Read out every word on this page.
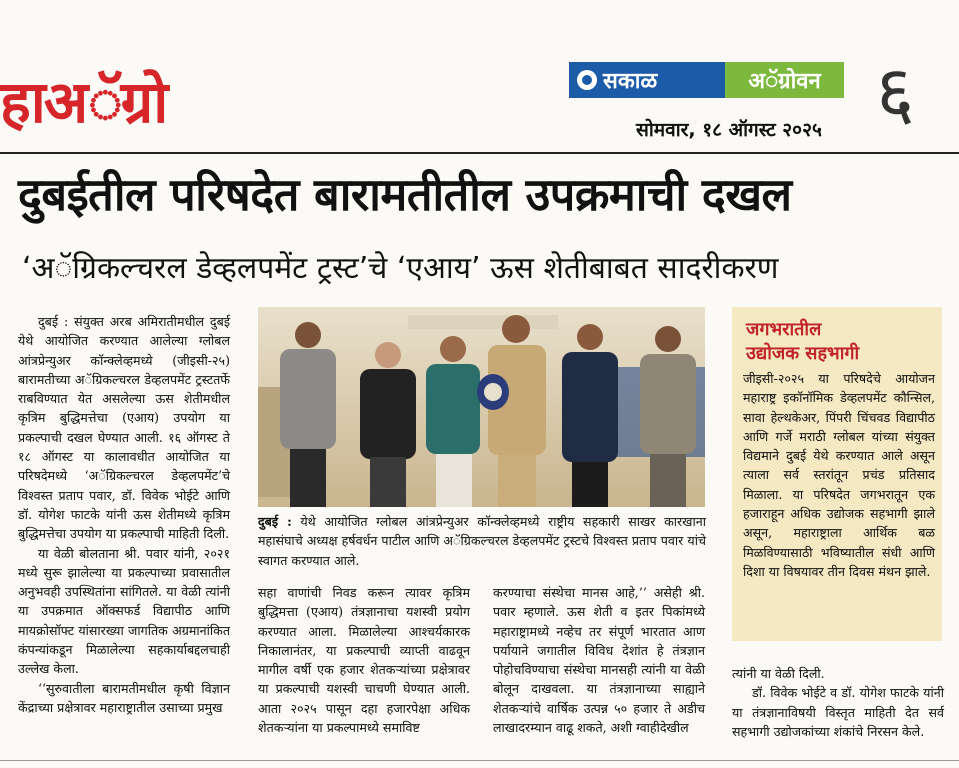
हाअॅग्रो	सकाळ	अॅग्रोवन
सोमवार, १८ ऑगस्ट २०२५ ६
दुबईतील परिषदेत बारामतीतील उपक्रमाची दखल
‘अॅग्रिकल्चरल डेव्हलपमेंट ट्रस्ट’चे ‘एआय’ ऊस शेतीबाबत सादरीकरण

दुबई : संयुक्त अरब अमिरातीमधील दुबई येथे आयोजित करण्यात आलेल्या ग्लोबल आंत्रप्रेन्युअर कॉन्क्लेव्हमध्ये (जीइसी-२५) बारामतीच्या अॅग्रिकल्चरल डेव्हलपमेंट ट्रस्टतर्फे राबविण्यात येत असलेल्या ऊस शेतीमधील कृत्रिम बुद्धिमत्तेचा (एआय) उपयोग या प्रकल्पाची दखल घेण्यात आली. १६ ऑगस्ट ते १८ ऑगस्ट या कालावधीत आयोजित या परिषदेमध्ये ‘अॅग्रिकल्चरल डेव्हलपमेंट’चे विश्‍वस्त प्रताप पवार, डॉ. विवेक भोईटे आणि डॉ. योगेश फाटके यांनी ऊस शेतीमध्ये कृत्रिम बुद्धिमत्तेचा उपयोग या प्रकल्पाची माहिती दिली.

या वेळी बोलताना श्री. पवार यांनी, २०२१ मध्ये सुरू झालेल्या या प्रकल्पाच्या प्रवासातील अनुभवही उपस्थितांना सांगितले. या वेळी त्यांनी या उपक्रमात ऑक्सफर्ड विद्यापीठ आणि मायक्रोसॉफ्ट यांसारख्या जागतिक अग्रमानांकित कंपन्यांकडून मिळालेल्या सहकार्याबद्दलचाही उल्लेख केला.

‘‘सुरुवातीला बारामतीमधील कृषी विज्ञान केंद्राच्या प्रक्षेत्रावर महाराष्ट्रातील उसाच्या प्रमुख

दुबई : येथे आयोजित ग्लोबल आंत्रप्रेन्युअर कॉन्क्लेव्हमध्ये राष्ट्रीय सहकारी साखर कारखाना महासंघाचे अध्यक्ष हर्षवर्धन पाटील आणि अॅग्रिकल्चरल डेव्हलपमेंट ट्रस्टचे विश्वस्त प्रताप पवार यांचे स्वागत करण्यात आले.

सहा वाणांची निवड करून त्यावर कृत्रिम बुद्धिमत्ता (एआय) तंत्रज्ञानाचा यशस्वी प्रयोग करण्यात आला. मिळालेल्या आश्चर्यकारक निकालानंतर, या प्रकल्पाची व्याप्ती वाढवून मागील वर्षी एक हजार शेतकऱ्यांच्या प्रक्षेत्रावर या प्रकल्पाची यशस्वी चाचणी घेण्यात आली. आता २०२५ पासून दहा हजारपेक्षा अधिक शेतकऱ्यांना या प्रकल्पामध्ये समाविष्ट

करण्याचा संस्थेचा मानस आहे,’’ असेही श्री. पवार म्हणाले. ऊस शेती व इतर पिकांमध्ये महाराष्ट्रामध्ये नव्हेच तर संपूर्ण भारतात आण पर्यायाने जगातील विविध देशांत हे तंत्रज्ञान पोहोचविण्याचा संस्थेचा मानसही त्यांनी या वेळी बोलून दाखवला. या तंत्रज्ञानाच्या साह्याने शेतकऱ्यांचे वार्षिक उत्पन्न ५० हजार ते अडीच लाखादरम्यान वाढू शकते, अशी ग्वाहीदेखील

जगभरातील
उद्योजक सहभागी
जीइसी-२०२५ या परिषदेचे आयोजन महाराष्ट्र इकॉनॉमिक डेव्हलपमेंट कौन्सिल, सावा हेल्थकेअर, पिंपरी चिंचवड विद्यापीठ आणि गर्जे मराठी ग्लोबल यांच्या संयुक्त विद्यमाने दुबई येथे करण्यात आले असून त्याला सर्व स्तरांतून प्रचंड प्रतिसाद मिळाला. या परिषदेत जगभरातून एक हजाराहून अधिक उद्योजक सहभागी झाले असून, महाराष्ट्राला आर्थिक बळ मिळविण्यासाठी भविष्यातील संधी आणि दिशा या विषयावर तीन दिवस मंथन झाले.

त्यांनी या वेळी दिली.

डॉ. विवेक भोईटे व डॉ. योगेश फाटके यांनी या तंत्रज्ञानाविषयी विस्तृत माहिती देत सर्व सहभागी उद्योजकांच्या शंकांचे निरसन केले.
